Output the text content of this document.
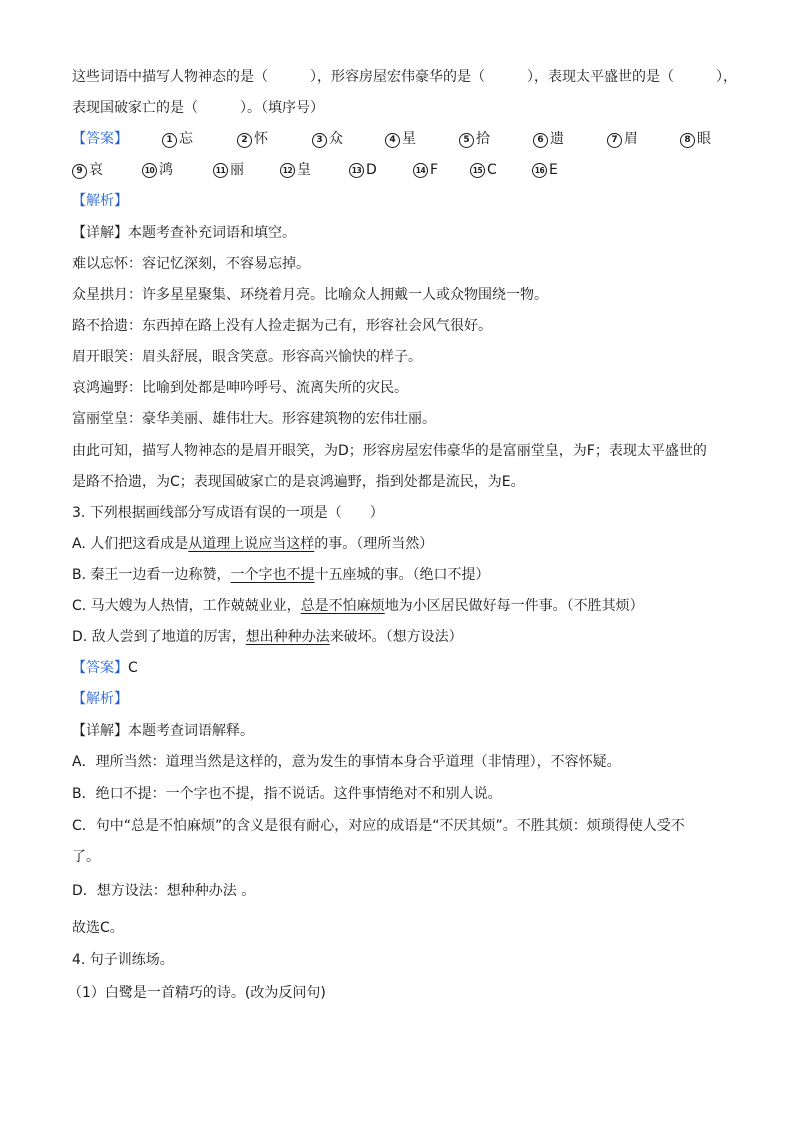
这些词语中描写人物神态的是（　　　），形容房屋宏伟豪华的是（　　　），表现太平盛世的是（　　　），
表现国破家亡的是（　　　）。（填序号）
【答案】	1 忘	2 怀	3 众	4 星	5 拾	6 遗	7 眉	8 眼
9 哀	10 鸿	11 丽	12 皇	13 D	14 F	15 C	16 E
【解析】
【详解】本题考查补充词语和填空。
难以忘怀：容记忆深刻，不容易忘掉。
众星拱月：许多星星聚集、环绕着月亮。比喻众人拥戴一人或众物围绕一物。
路不拾遗：东西掉在路上没有人捡走据为己有，形容社会风气很好。
眉开眼笑：眉头舒展，眼含笑意。形容高兴愉快的样子。
哀鸿遍野：比喻到处都是呻吟呼号、流离失所的灾民。
富丽堂皇：豪华美丽、雄伟壮大。形容建筑物的宏伟壮丽。
由此可知，描写人物神态的是眉开眼笑，为D；形容房屋宏伟豪华的是富丽堂皇，为F；表现太平盛世的
是路不拾遗，为C；表现国破家亡的是哀鸿遍野，指到处都是流民，为E。
3. 下列根据画线部分写成语有误的一项是（　　）
A. 人们把这看成是从道理上说应当这样的事。（理所当然）
B. 秦王一边看一边称赞，一个字也不提十五座城的事。（绝口不提）
C. 马大嫂为人热情，工作兢兢业业，总是不怕麻烦地为小区居民做好每一件事。（不胜其烦）
D. 敌人尝到了地道的厉害，想出种种办法来破坏。（想方设法）
【答案】C
【解析】
【详解】本题考查词语解释。
A．理所当然：道理当然是这样的，意为发生的事情本身合乎道理（非情理），不容怀疑。
B．绝口不提：一个字也不提，指不说话。这件事情绝对不和别人说。
C．句中“总是不怕麻烦”的含义是很有耐心，对应的成语是“不厌其烦”。不胜其烦：烦琐得使人受不
了。
D．想方设法：想种种办法 。
故选C。
4. 句子训练场。
（1）白鹭是一首精巧的诗。(改为反问句)
